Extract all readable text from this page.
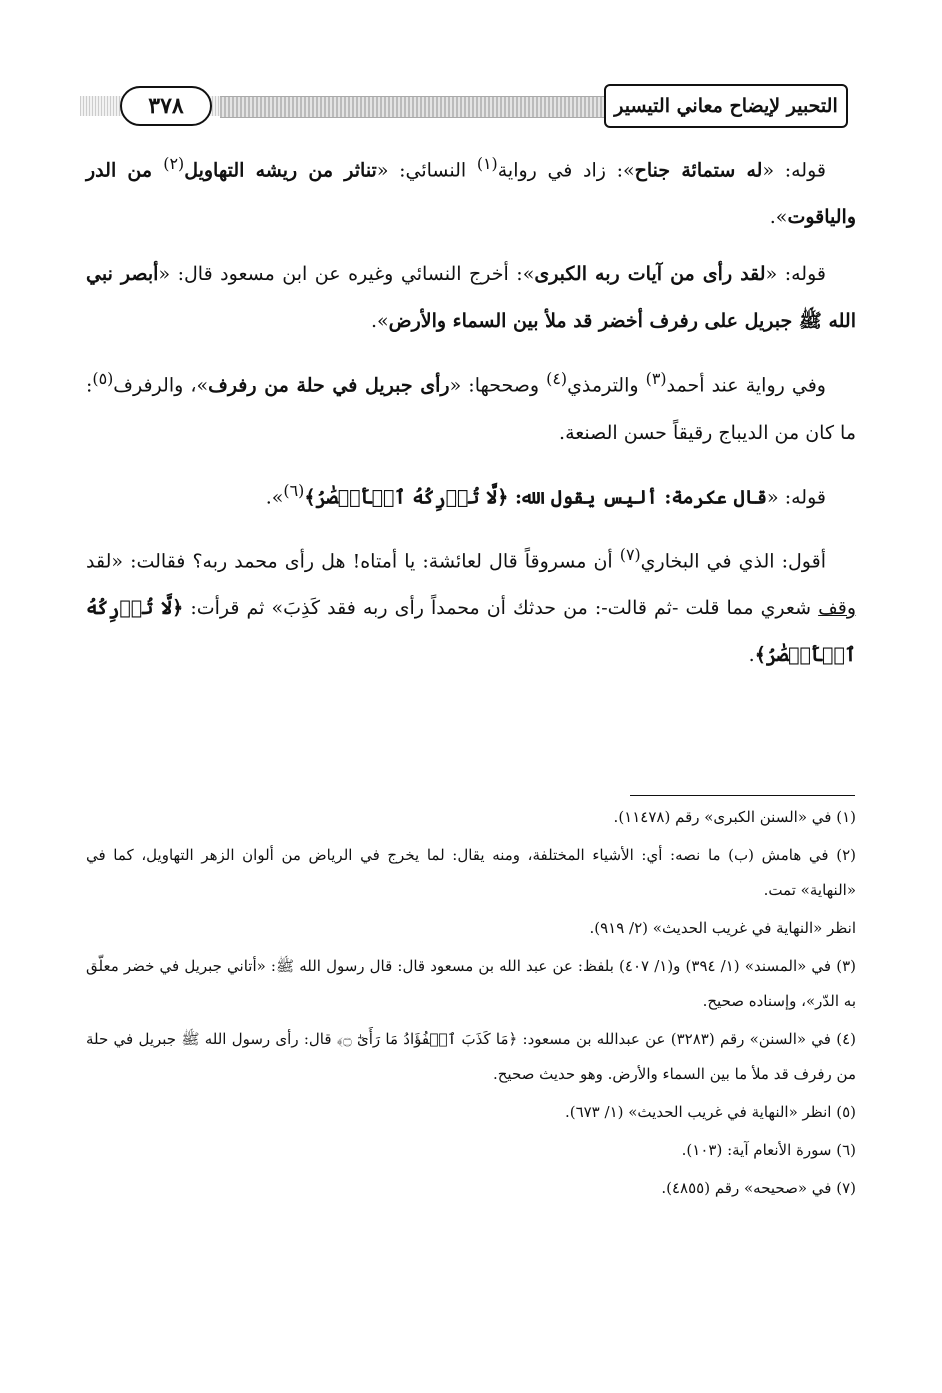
التحبير لإيضاح معاني التيسير
٣٧٨

قوله: «له ستمائة جناح»: زاد في رواية$^{(١)}$ النسائي: «تناثر من ريشه التهاويل$^{(٢)}$ من الدر والياقوت».

قوله: «لقد رأى من آيات ربه الكبرى»: أخرج النسائي وغيره عن ابن مسعود قال: «أبصر نبي الله ﷺ جبريل على رفرف أخضر قد ملأ بين السماء والأرض».

وفي رواية عند أحمد$^{(٣)}$ والترمذي$^{(٤)}$ وصححها: «رأى جبريل في حلة من رفرف»، والرفرف$^{(٥)}$: ما كان من الديباج رقيقاً حسن الصنعة.

قوله: «قال عكرمة: أليس يقول الله: ﴿لَّا تُدۡرِكُهُ ٱلۡأَبۡصَٰرُ﴾$^{(٦)}$».

أقول: الذي في البخاري$^{(٧)}$ أن مسروقاً قال لعائشة: يا أمتاه! هل رأى محمد ربه؟ فقالت: «لقد وقف شعري مما قلت -ثم قالت-: من حدثك أن محمداً رأى ربه فقد كَذِبَ» ثم قرأت: ﴿لَّا تُدۡرِكُهُ ٱلۡأَبۡصَٰرُ﴾.

(١) في «السنن الكبرى» رقم (١١٤٧٨).

(٢) في هامش (ب) ما نصه: أي: الأشياء المختلفة، ومنه يقال: لما يخرج في الرياض من ألوان الزهر التهاويل، كما في «النهاية» تمت.

انظر «النهاية في غريب الحديث» (٢/ ٩١٩).

(٣) في «المسند» (١/ ٣٩٤) و(١/ ٤٠٧) بلفظ: عن عبد الله بن مسعود قال: قال رسول الله ﷺ: «أتاني جبريل في خضر معلّق به الدّر»، وإسناده صحيح.

(٤) في «السنن» رقم (٣٢٨٣) عن عبدالله بن مسعود: ﴿مَا كَذَبَ ٱلۡفُؤَادُ مَا رَأَىٰٓ ۝﴾ قال: رأى رسول الله ﷺ جبريل في حلة من رفرف قد ملأ ما بين السماء والأرض. وهو حديث صحيح.

(٥) انظر «النهاية في غريب الحديث» (١/ ٦٧٣).

(٦) سورة الأنعام آية: (١٠٣).

(٧) في «صحيحه» رقم (٤٨٥٥).
